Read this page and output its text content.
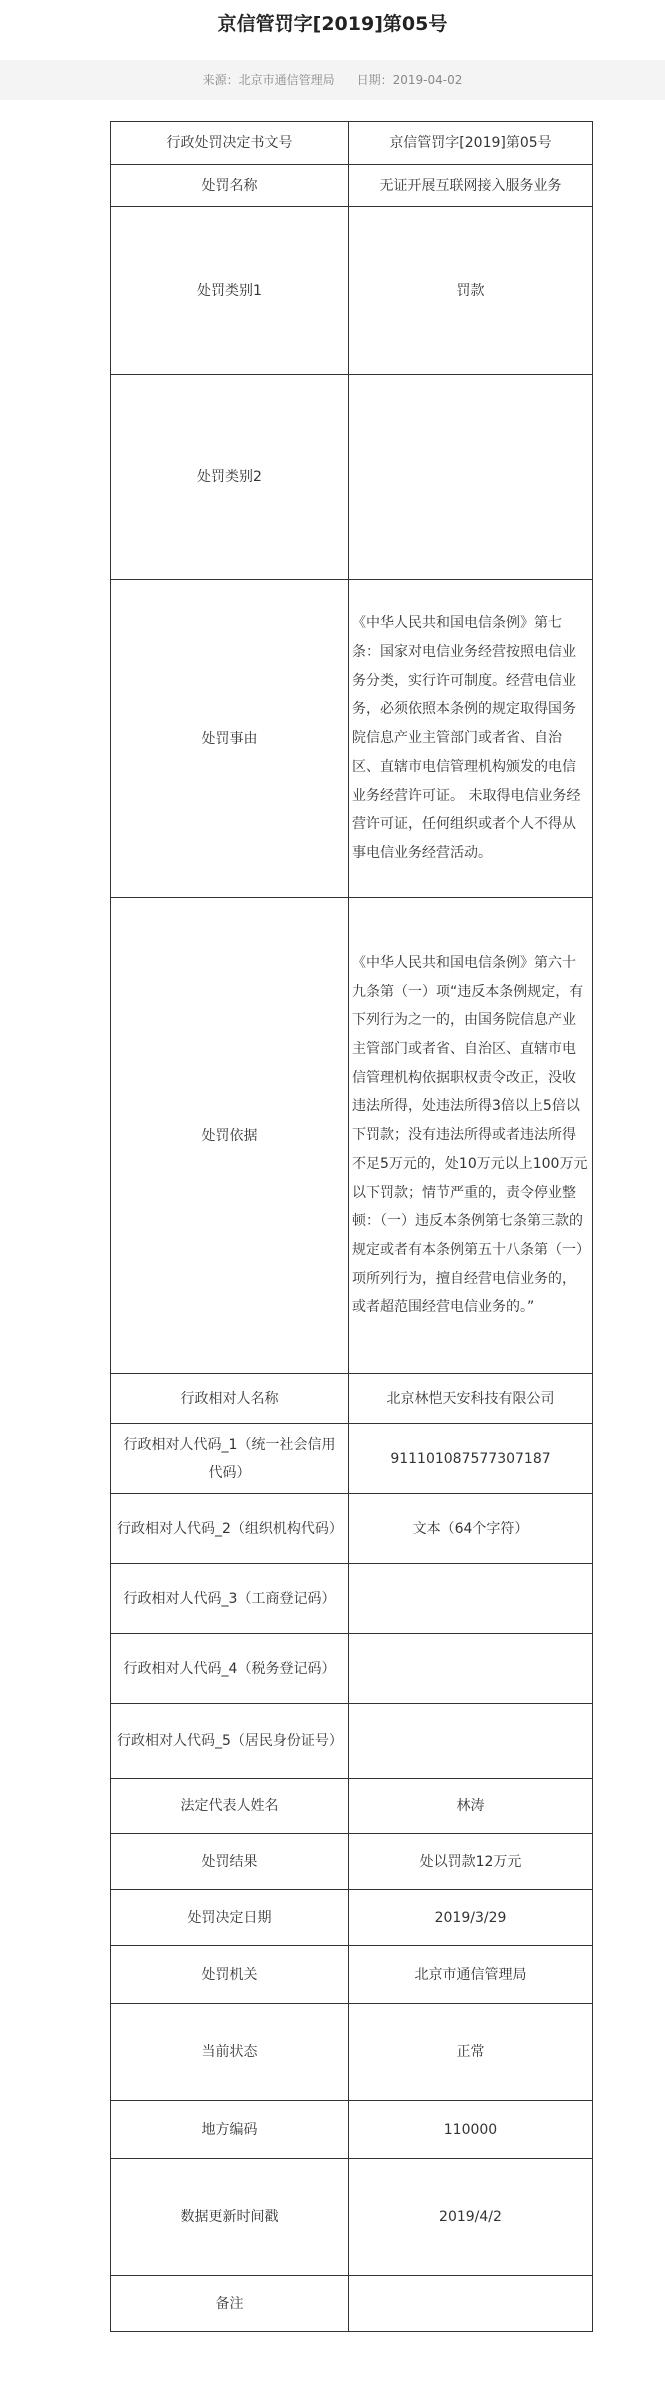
京信管罚字[2019]第05号
来源：北京市通信管理局 日期：2019-04-02
行政处罚决定书文号	京信管罚字[2019]第05号
处罚名称	无证开展互联网接入服务业务
处罚类别1	罚款
处罚类别2	
处罚事由	《中华人民共和国电信条例》第七条：国家对电信业务经营按照电信业务分类，实行许可制度。经营电信业务，必须依照本条例的规定取得国务院信息产业主管部门或者省、自治区、直辖市电信管理机构颁发的电信业务经营许可证。 未取得电信业务经营许可证，任何组织或者个人不得从事电信业务经营活动。
处罚依据	《中华人民共和国电信条例》第六十九条第（一）项“违反本条例规定，有下列行为之一的，由国务院信息产业主管部门或者省、自治区、直辖市电信管理机构依据职权责令改正，没收违法所得，处违法所得3倍以上5倍以下罚款；没有违法所得或者违法所得不足5万元的，处10万元以上100万元以下罚款；情节严重的，责令停业整顿：（一）违反本条例第七条第三款的规定或者有本条例第五十八条第（一）项所列行为，擅自经营电信业务的，或者超范围经营电信业务的。”
行政相对人名称	北京林恺天安科技有限公司
行政相对人代码_1（统一社会信用代码）	911101087577307187
行政相对人代码_2（组织机构代码）	文本（64个字符）
行政相对人代码_3（工商登记码）	
行政相对人代码_4（税务登记码）	
行政相对人代码_5（居民身份证号）	
法定代表人姓名	林涛
处罚结果	处以罚款12万元
处罚决定日期	2019/3/29
处罚机关	北京市通信管理局
当前状态	正常
地方编码	110000
数据更新时间戳	2019/4/2
备注	
